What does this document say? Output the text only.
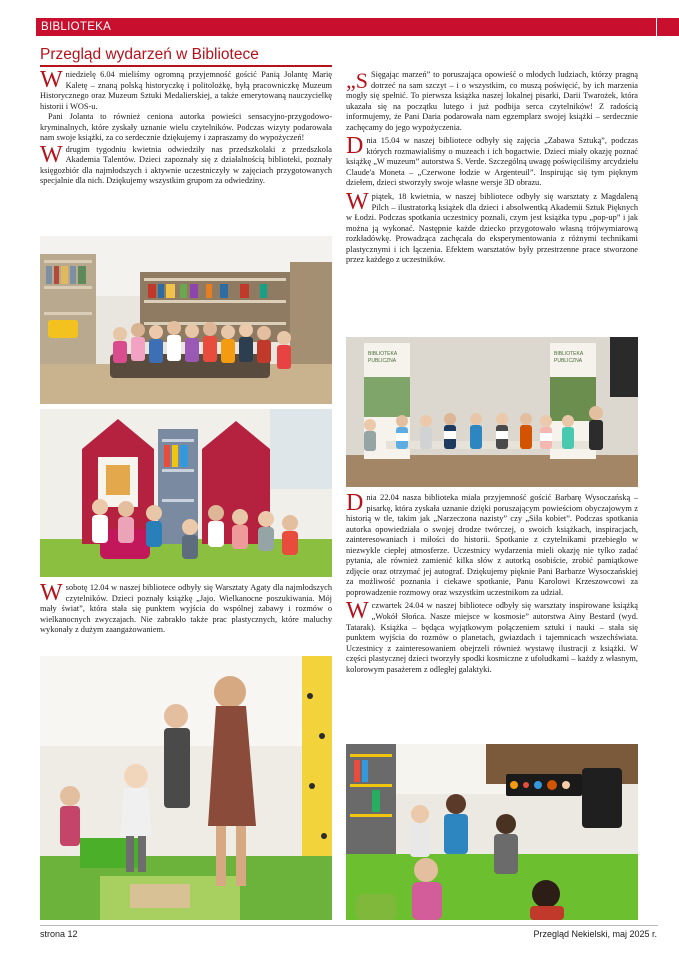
BIBLIOTEKA
Przegląd wydarzeń w Bibliotece

Wniedzielę 6.04 mieliśmy ogromną przyjemność gościć Panią Jolantę Marię Kaletę – znaną polską historyczkę i politolożkę, byłą pracowniczkę Muzeum Historycznego oraz Muzeum Sztuki Medalierskiej, a także emerytowaną nauczycielkę historii i WOS-u.

Pani Jolanta to również ceniona autorka powieści sensacyjno-przygodowo-kryminalnych, które zyskały uznanie wielu czytelników. Podczas wizyty podarowała nam swoje książki, za co serdecznie dziękujemy i zapraszamy do wypożyczeń!

Wdrugim tygodniu kwietnia odwiedziły nas przedszkolaki z przedszkola Akademia Talentów. Dzieci zapoznały się z działalnością biblioteki, poznały księgozbiór dla najmłodszych i aktywnie uczestniczyły w zajęciach przygotowanych specjalnie dla nich. Dziękujemy wszystkim grupom za odwiedziny.

Wsobotę 12.04 w naszej bibliotece odbyły się Warsztaty Agaty dla najmłodszych czytelników. Dzieci poznały książkę „Jajo. Wielkanocne poszukiwania. Mój mały świat”, która stała się punktem wyjścia do wspólnej zabawy i rozmów o wielkanocnych zwyczajach. Nie zabrakło także prac plastycznych, które maluchy wykonały z dużym zaangażowaniem.

„S Sięgając marzeń” to poruszająca opowieść o młodych ludziach, którzy pragną dotrzeć na sam szczyt – i o wszystkim, co muszą poświęcić, by ich marzenia mogły się spełnić. To pierwsza książka naszej lokalnej pisarki, Darii Twarożek, która ukazała się na początku lutego i już podbija serca czytelników! Z radością informujemy, że Pani Daria podarowała nam egzemplarz swojej książki – serdecznie zachęcamy do jego wypożyczenia.

Dnia 15.04 w naszej bibliotece odbyły się zajęcia „Zabawa Sztuką”, podczas których rozmawialiśmy o muzeach i ich bogactwie. Dzieci miały okazję poznać książkę „W muzeum” autorstwa S. Verde. Szczególną uwagę poświęciliśmy arcydziełu Claude'a Moneta – „Czerwone łodzie w Argenteuil”. Inspirując się tym pięknym dziełem, dzieci stworzyły swoje własne wersje 3D obrazu.

Wpiątek, 18 kwietnia, w naszej bibliotece odbyły się warsztaty z Magdaleną Pilch – ilustratorką książek dla dzieci i absolwentką Akademii Sztuk Pięknych w Łodzi. Podczas spotkania uczestnicy poznali, czym jest książka typu „pop-up” i jak można ją wykonać. Następnie każde dziecko przygotowało własną trójwymiarową rozkładówkę. Prowadząca zachęcała do eksperymentowania z różnymi technikami plastycznymi i ich łączenia. Efektem warsztatów były przestrzenne prace stworzone przez każdego z uczestników.

BIBLIOTEKA
PUBLICZNA
BIBLIOTEKA
PUBLICZNA

Dnia 22.04 nasza biblioteka miała przyjemność gościć Barbarę Wysoczańską – pisarkę, która zyskała uznanie dzięki poruszającym powieściom obyczajowym z historią w tle, takim jak „Narzeczona nazisty” czy „Siła kobiet”. Podczas spotkania autorka opowiedziała o swojej drodze twórczej, o swoich książkach, inspiracjach, zainteresowaniach i miłości do historii. Spotkanie z czytelnikami przebiegło w niezwykle ciepłej atmosferze. Uczestnicy wydarzenia mieli okazję nie tylko zadać pytania, ale również zamienić kilka słów z autorką osobiście, zrobić pamiątkowe zdjęcie oraz otrzymać jej autograf. Dziękujemy pięknie Pani Barbarze Wysoczańskiej za możliwość poznania i ciekawe spotkanie, Panu Karolowi Krzeszowcowi za poprowadzenie rozmowy oraz wszystkim uczestnikom za udział.

Wczwartek 24.04 w naszej bibliotece odbyły się warsztaty inspirowane książką „Wokół Słońca. Nasze miejsce w kosmosie” autorstwa Ainy Bestard (wyd. Tatarak). Książka – będąca wyjątkowym połączeniem sztuki i nauki – stała się punktem wyjścia do rozmów o planetach, gwiazdach i tajemnicach wszechświata. Uczestnicy z zainteresowaniem obejrzeli również wystawę ilustracji z książki. W części plastycznej dzieci tworzyły spodki kosmiczne z ufoludkami – każdy z własnym, kolorowym pasażerem z odległej galaktyki.

strona 12	Przegląd Nekielski, maj 2025 r.
